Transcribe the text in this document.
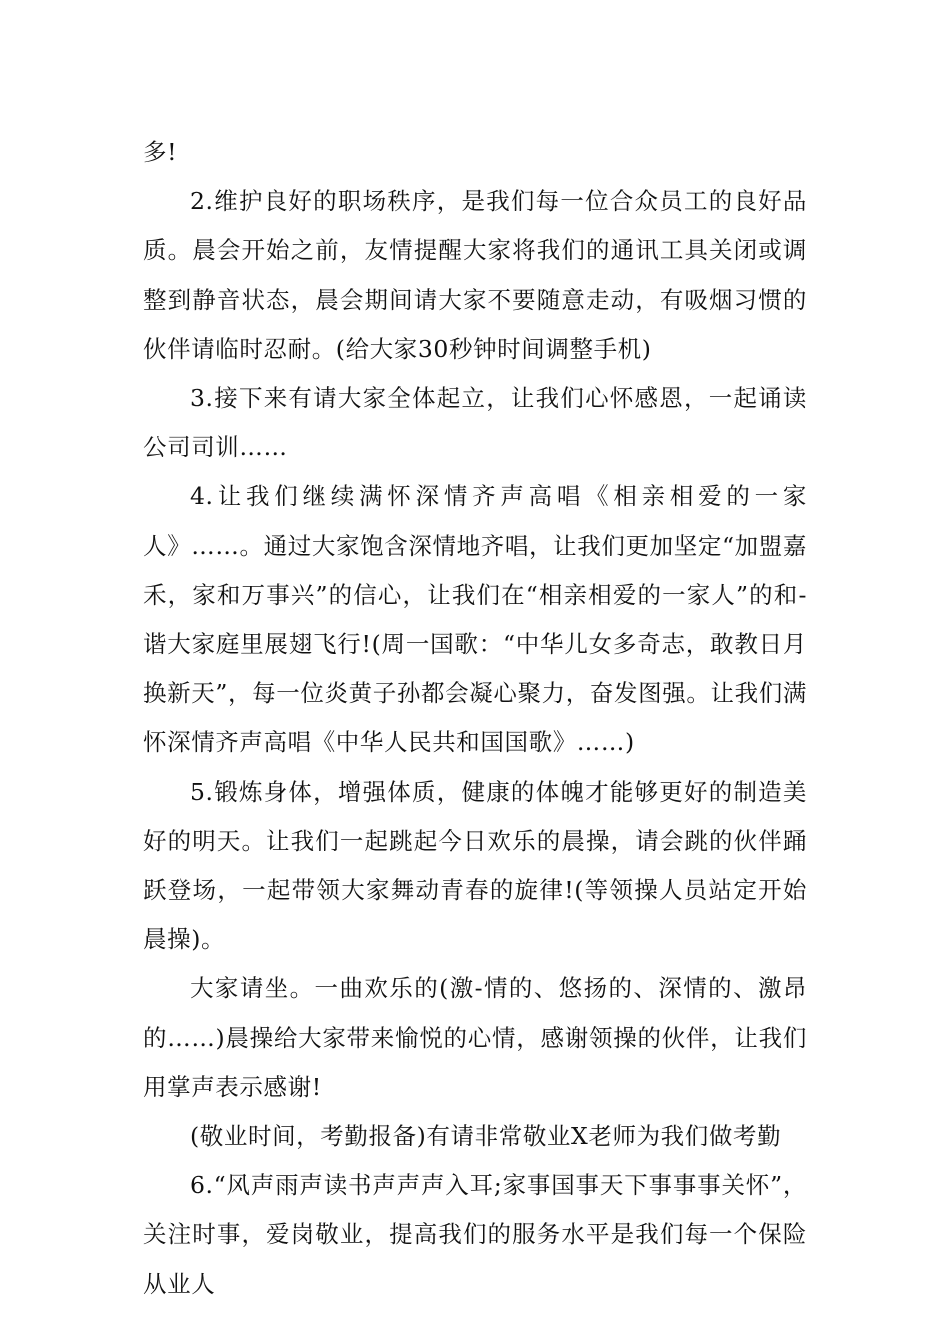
多!

2.维护良好的职场秩序，是我们每一位合众员工的良好品质。晨会开始之前，友情提醒大家将我们的通讯工具关闭或调整到静音状态，晨会期间请大家不要随意走动，有吸烟习惯的伙伴请临时忍耐。(给大家30秒钟时间调整手机)

3.接下来有请大家全体起立，让我们心怀感恩，一起诵读公司司训……

4.让我们继续满怀深情齐声高唱《相亲相爱的一家人》……。通过大家饱含深情地齐唱，让我们更加坚定“加盟嘉禾，家和万事兴”的信心，让我们在“相亲相爱的一家人”的和-谐大家庭里展翅飞行!(周一国歌：“中华儿女多奇志，敢教日月换新天”，每一位炎黄子孙都会凝心聚力，奋发图强。让我们满怀深情齐声高唱《中华人民共和国国歌》……)

5.锻炼身体，增强体质，健康的体魄才能够更好的制造美好的明天。让我们一起跳起今日欢乐的晨操，请会跳的伙伴踊跃登场，一起带领大家舞动青春的旋律!(等领操人员站定开始晨操)。

大家请坐。一曲欢乐的(激-情的、悠扬的、深情的、激昂的……)晨操给大家带来愉悦的心情，感谢领操的伙伴，让我们用掌声表示感谢!

(敬业时间，考勤报备)有请非常敬业X老师为我们做考勤

6.“风声雨声读书声声声入耳;家事国事天下事事事关怀”，关注时事，爱岗敬业，提高我们的服务水平是我们每一个保险从业人
